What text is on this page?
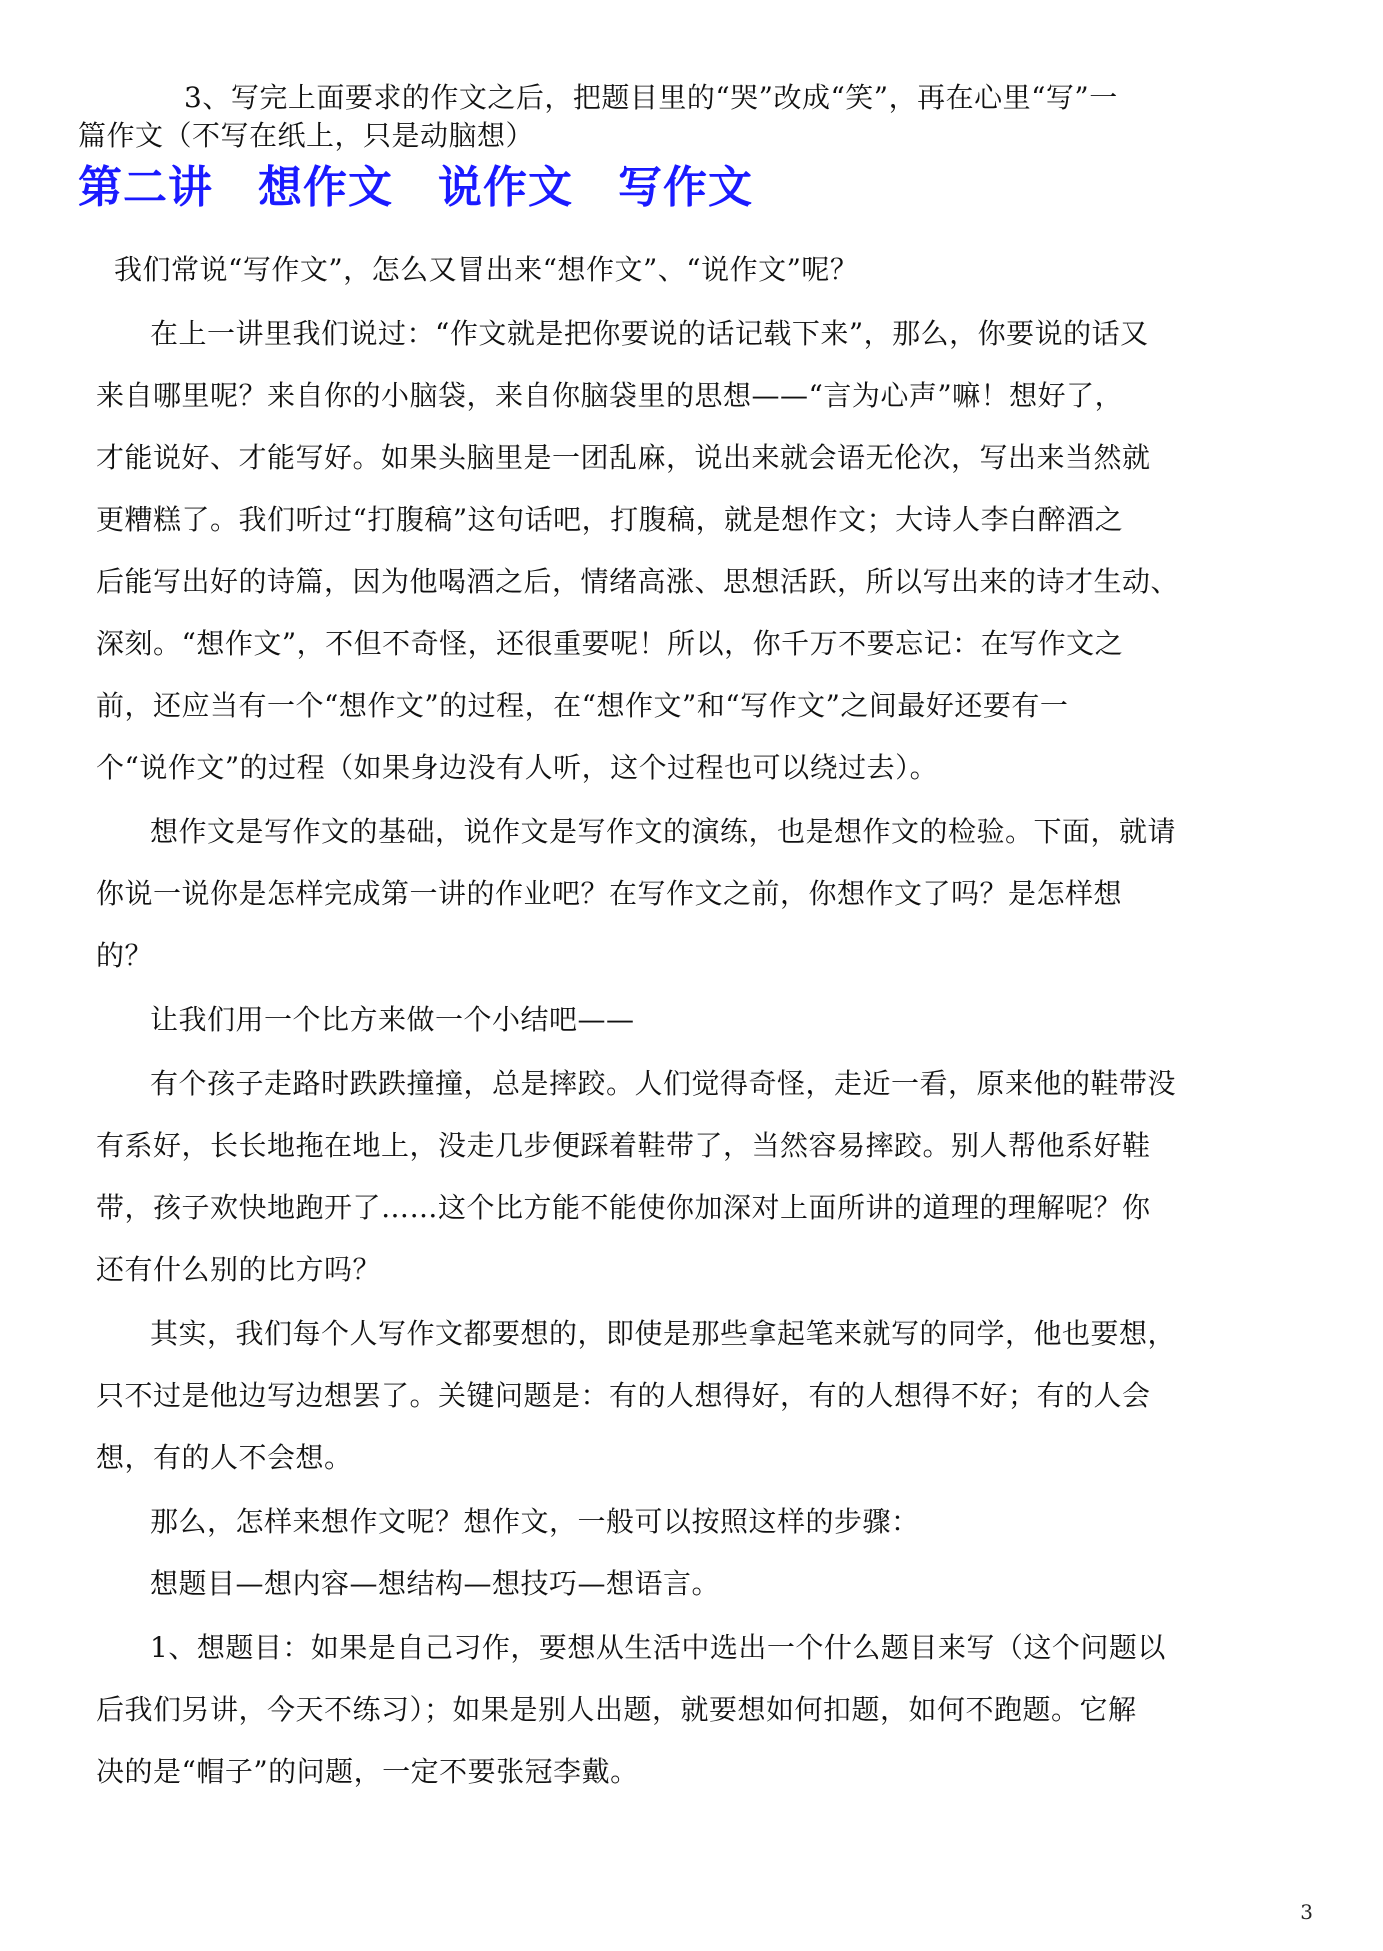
3、写完上面要求的作文之后，把题目里的“哭”改成“笑”，再在心里“写”一
篇作文（不写在纸上，只是动脑想）
第二讲　想作文　说作文　写作文
我们常说“写作文”，怎么又冒出来“想作文”、“说作文”呢？
在上一讲里我们说过：“作文就是把你要说的话记载下来”，那么，你要说的话又
来自哪里呢？来自你的小脑袋，来自你脑袋里的思想——“言为心声”嘛！想好了，
才能说好、才能写好。如果头脑里是一团乱麻，说出来就会语无伦次，写出来当然就
更糟糕了。我们听过“打腹稿”这句话吧，打腹稿，就是想作文；大诗人李白醉酒之
后能写出好的诗篇，因为他喝酒之后，情绪高涨、思想活跃，所以写出来的诗才生动、
深刻。“想作文”，不但不奇怪，还很重要呢！所以，你千万不要忘记：在写作文之
前，还应当有一个“想作文”的过程，在“想作文”和“写作文”之间最好还要有一
个“说作文”的过程（如果身边没有人听，这个过程也可以绕过去）。
想作文是写作文的基础，说作文是写作文的演练，也是想作文的检验。下面，就请
你说一说你是怎样完成第一讲的作业吧？在写作文之前，你想作文了吗？是怎样想
的？
让我们用一个比方来做一个小结吧——
有个孩子走路时跌跌撞撞，总是摔跤。人们觉得奇怪，走近一看，原来他的鞋带没
有系好，长长地拖在地上，没走几步便踩着鞋带了，当然容易摔跤。别人帮他系好鞋
带，孩子欢快地跑开了……这个比方能不能使你加深对上面所讲的道理的理解呢？你
还有什么别的比方吗？
其实，我们每个人写作文都要想的，即使是那些拿起笔来就写的同学，他也要想，
只不过是他边写边想罢了。关键问题是：有的人想得好，有的人想得不好；有的人会
想，有的人不会想。
那么，怎样来想作文呢？想作文，一般可以按照这样的步骤：
想题目—想内容—想结构—想技巧—想语言。
1、想题目：如果是自己习作，要想从生活中选出一个什么题目来写（这个问题以
后我们另讲，今天不练习）；如果是别人出题，就要想如何扣题，如何不跑题。它解
决的是“帽子”的问题，一定不要张冠李戴。
3
